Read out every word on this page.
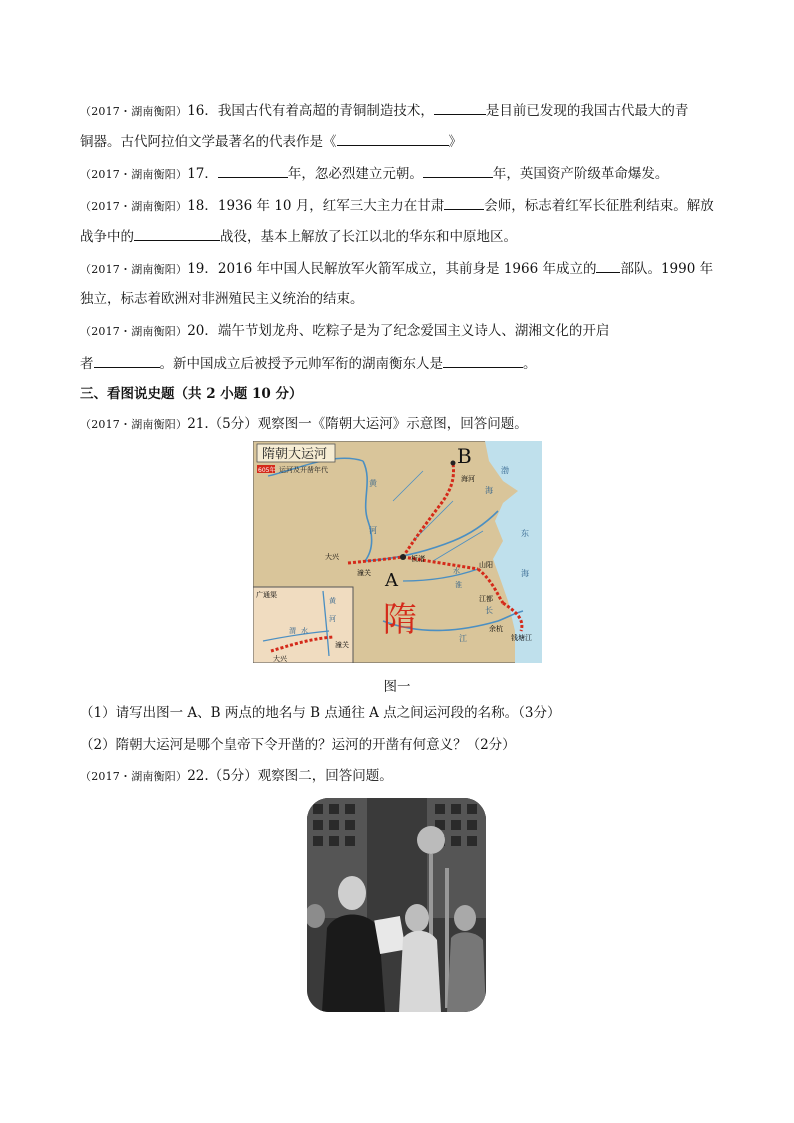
（2017・湖南衡阳）16．我国古代有着高超的青铜制造技术，	是目前已发现的我国古代最大的青
铜器。古代阿拉伯文学最著名的代表作是《	》
（2017・湖南衡阳）17．	年，忽必烈建立元朝。	年，英国资产阶级革命爆发。
（2017・湖南衡阳）18．1936 年 10 月，红军三大主力在甘肃	会师，标志着红军长征胜利结束。解放
战争中的	战役，基本上解放了长江以北的华东和中原地区。
（2017・湖南衡阳）19．2016 年中国人民解放军火箭军成立，其前身是 1966 年成立的 部队。1990 年
独立，标志着欧洲对非洲殖民主义统治的结束。
（2017・湖南衡阳）20．端午节划龙舟、吃粽子是为了纪念爱国主义诗人、湖湘文化的开启
者	。新中国成立后被授予元帅军衔的湖南衡东人是	。
三、看图说史题（共 2 小题 10 分）
（2017・湖南衡阳）21.（5分）观察图一《隋朝大运河》示意图，回答问题。
隋朝大运河
605年 运河及开凿年代
B
A
隋
海河
大兴
潼关
板渚
山阳
江都
余杭
钱塘江
黄
河
渤
海
东
海
淮
水
长
江
广通渠
大兴
潼关
黄
河
渭 水
图一
（1）请写出图一 A、B 两点的地名与 B 点通往 A 点之间运河段的名称。（3分）
（2）隋朝大运河是哪个皇帝下令开凿的？运河的开凿有何意义？（2分）
（2017・湖南衡阳）22.（5分）观察图二，回答问题。
